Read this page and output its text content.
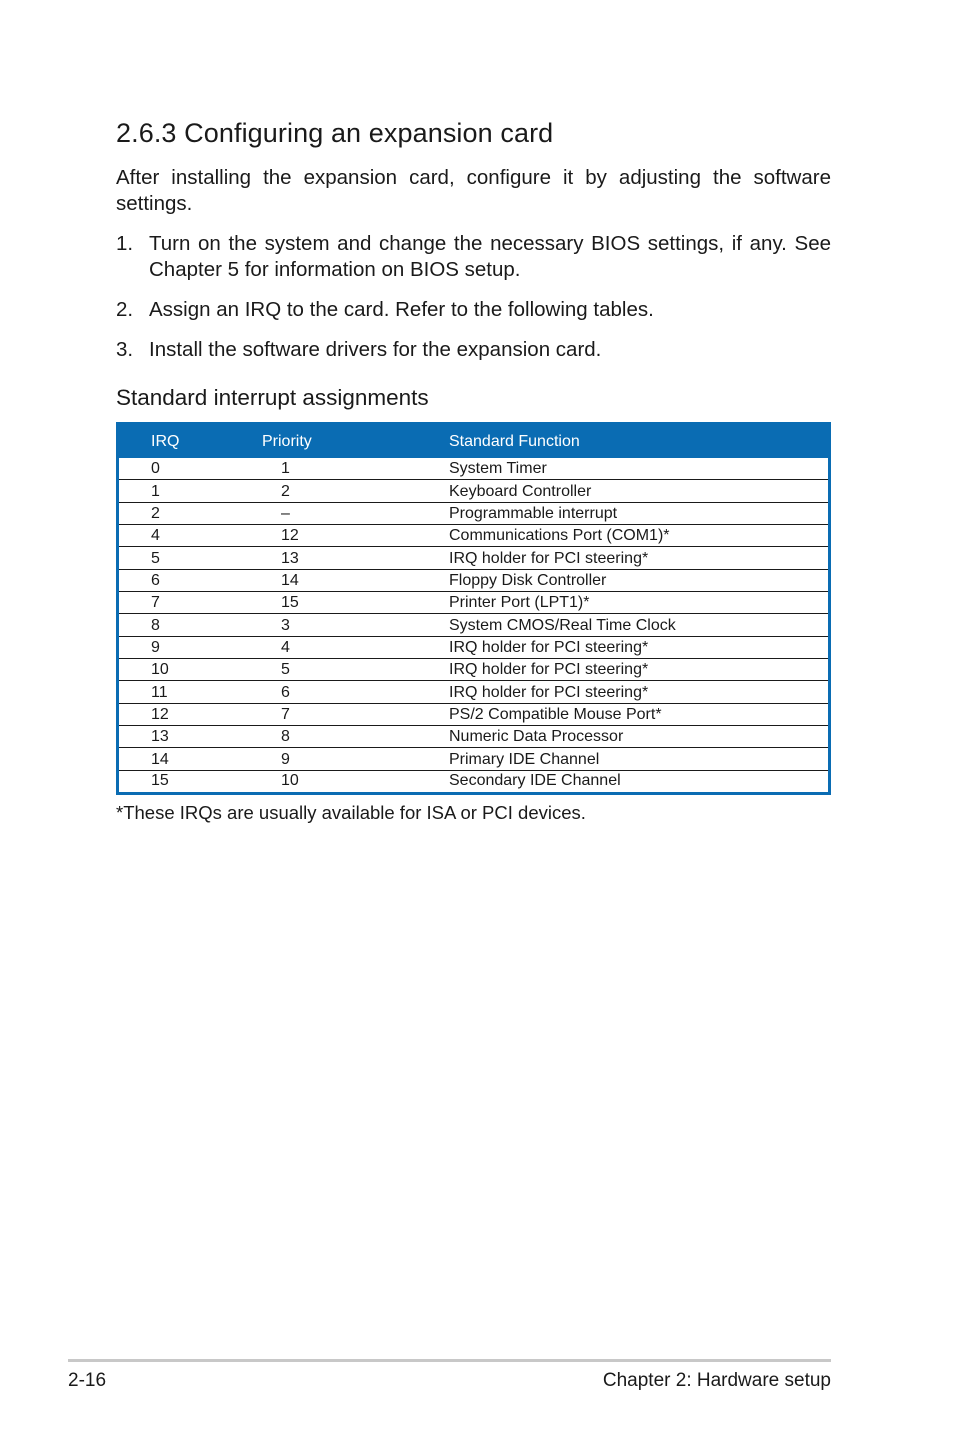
2.6.3 Configuring an expansion card

After installing the expansion card, configure it by adjusting the software settings.

1. Turn on the system and change the necessary BIOS settings, if any. See Chapter 5 for information on BIOS setup.
2. Assign an IRQ to the card. Refer to the following tables.
3. Install the software drivers for the expansion card.
Standard interrupt assignments
IRQ	Priority	Standard Function
0	1	System Timer
1	2	Keyboard Controller
2	–	Programmable interrupt
4	12	Communications Port (COM1)*
5	13	IRQ holder for PCI steering*
6	14	Floppy Disk Controller
7	15	Printer Port (LPT1)*
8	3	System CMOS/Real Time Clock
9	4	IRQ holder for PCI steering*
10	5	IRQ holder for PCI steering*
11	6	IRQ holder for PCI steering*
12	7	PS/2 Compatible Mouse Port*
13	8	Numeric Data Processor
14	9	Primary IDE Channel
15	10	Secondary IDE Channel

*These IRQs are usually available for ISA or PCI devices.

2-16	Chapter 2: Hardware setup
